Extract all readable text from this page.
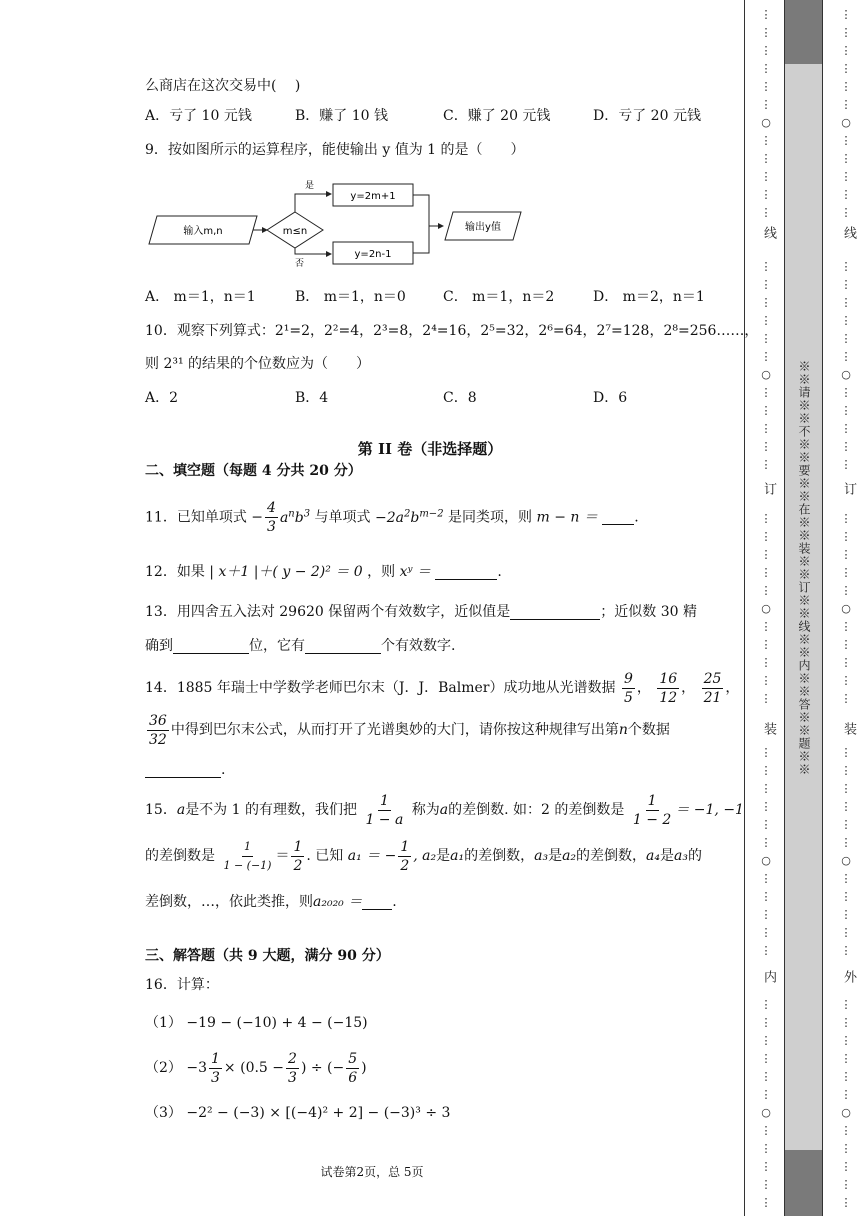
么商店在这次交易中(　 )
A．亏了 10 元钱	B．赚了 10 钱	C．赚了 20 元钱	D．亏了 20 元钱
9．按如图所示的运算程序，能使输出 y 值为 1 的是（　　）
输入m,n	m≤n
是
否
y=2m+1
y=2n-1
输出y值
A． m＝1，n＝1	B． m＝1，n＝0	C． m＝1，n＝2	D． m＝2，n＝1
10．观察下列算式：2¹=2，2²=4，2³=8，2⁴=16，2⁵=32，2⁶=64，2⁷=128，2⁸=256……，
则 2³¹ 的结果的个位数应为（　　）
A．2	B．4	C．8	D．6
第 II 卷（非选择题）
二、填空题（每题 4 分共 20 分）
11．已知单项式 − $\frac{4}{3} a^nb^3$ 与单项式 $-2a^2b^{m-2}$ 是同类项，则 m − n ＝	.
12．如果 | x＋1 |＋( y − 2)² ＝ 0 ，则 xʸ ＝	.
13．用四舍五入法对 29620 保留两个有效数字，近似值是	；近似数 30 精
确到	位，它有	个有效数字.
14．1885 年瑞士中学数学老师巴尔末（J．J．Balmer）成功地从光谱数据 $\frac{9}{5}$ ， $\frac{16}{12}$ ， $\frac{25}{21}$ ，
$\frac{36}{32}$ 中得到巴尔末公式，从而打开了光谱奥妙的大门，请你按这种规律写出第n个数据
.
15．a是不为 1 的有理数，我们把 $\frac{1}{1 - a}$ 称为a的差倒数. 如：2 的差倒数是 $\frac{1}{1 - 2} = -1$, −1
的差倒数是 $\frac{1}{1 - (-1)} = \frac{1}{2}$ . 已知 a₁ ＝ − $\frac{1}{2}$ , a₂是a₁的差倒数，a₃是a₂的差倒数，a₄是a₃的
差倒数，…，依此类推，则a₂₀₂₀ ＝ .
三、解答题（共 9 大题，满分 90 分）
16．计算：
（1） −19 − (−10) + 4 − (−15)
$(2) -3 \frac{1}{3} \times (0.5 - \frac{2}{3}$ ) ÷ (− $\frac{5}{6}$ )
（3） −2² − (−3) × [(−4)² + 2] − (−3)³ ÷ 3
试卷第2页，总 5页
※※请※※不※※要※※在※※装※※订※※线※※内※※答※※题※※
⋮
⋮
⋮
⋮
⋮
⋮
○
⋮
⋮
⋮
⋮
⋮
⋮
⋮
⋮
⋮
⋮
⋮
○
⋮
⋮
⋮
⋮
⋮
⋮
⋮
⋮
⋮
⋮
○
⋮
⋮
⋮
⋮
⋮
⋮
⋮
⋮
⋮
⋮
⋮
○
⋮
⋮
⋮
⋮
⋮
⋮
⋮
⋮
⋮
⋮
⋮
○
⋮
⋮
⋮
⋮
⋮
⋮
⋮
⋮
⋮
⋮
⋮
○
⋮
⋮
⋮
⋮
⋮
⋮
⋮
⋮
⋮
⋮
⋮
○
⋮
⋮
⋮
⋮
⋮
⋮
⋮
⋮
⋮
⋮
○
⋮
⋮
⋮
⋮
⋮
⋮
⋮
⋮
⋮
⋮
⋮
○
⋮
⋮
⋮
⋮
⋮
⋮
⋮
⋮
⋮
⋮
⋮
○
⋮
⋮
⋮
⋮
⋮
线
订
装
内
线
订
装
外
